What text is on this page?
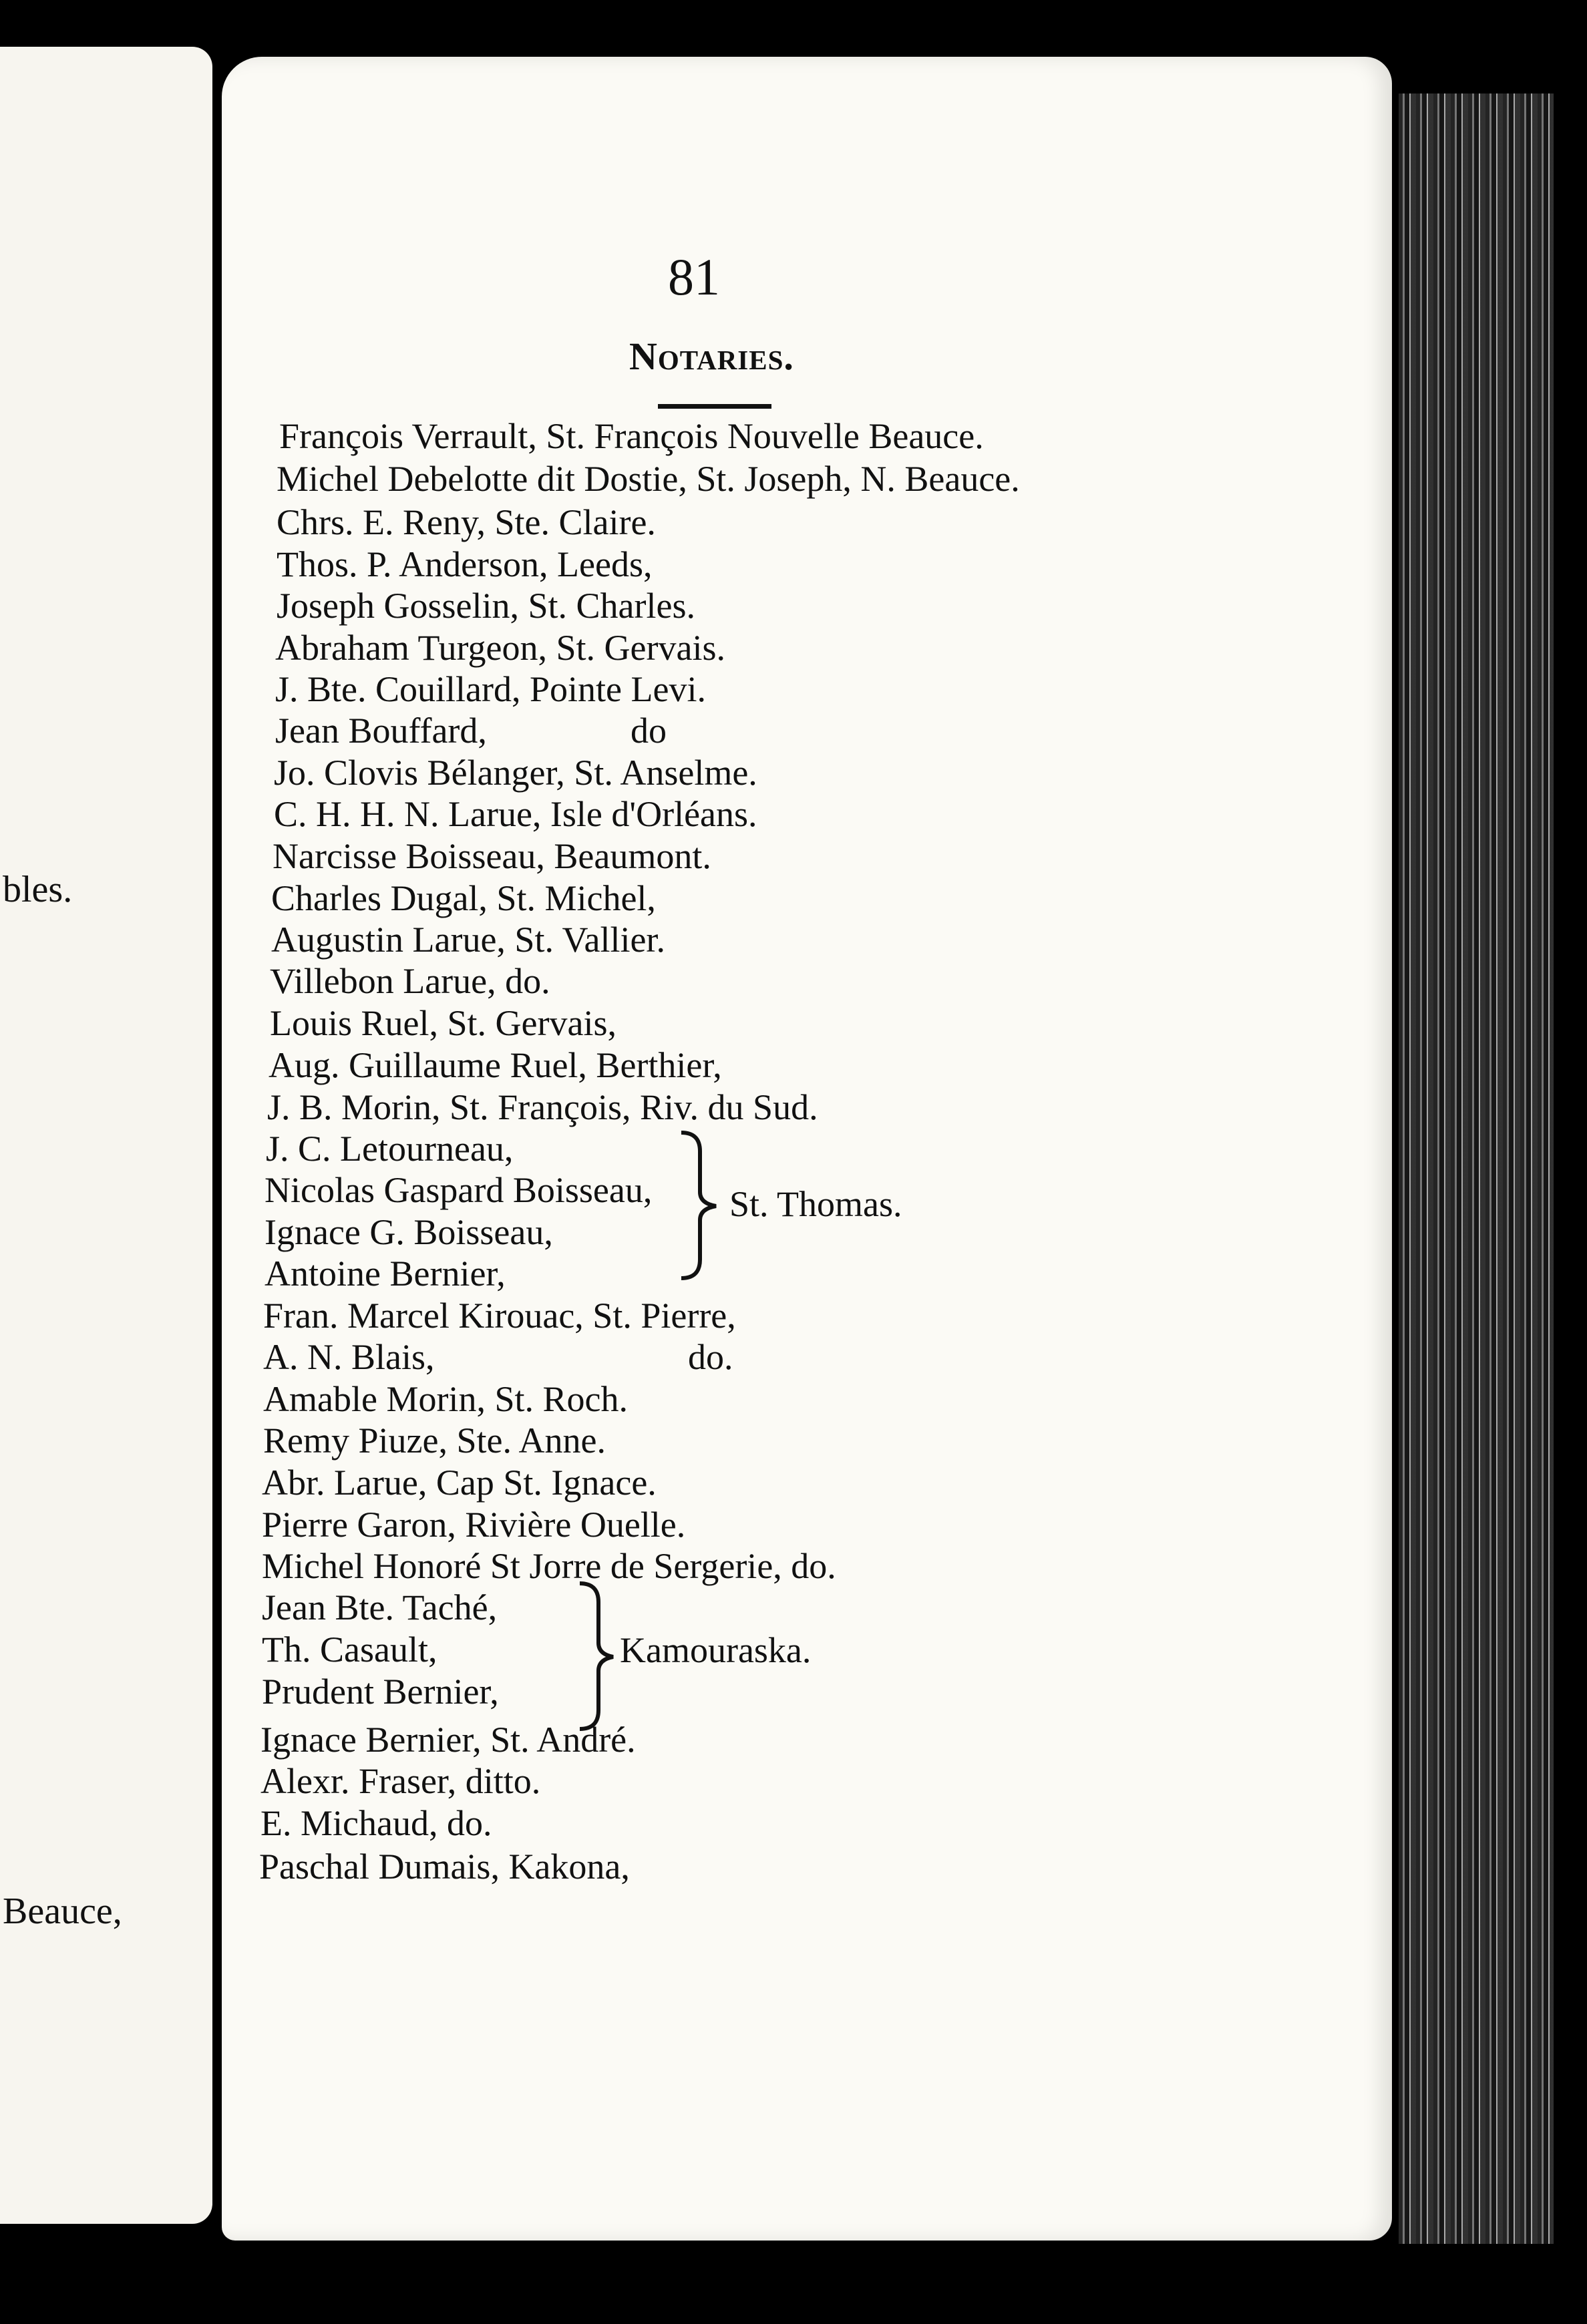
bles.
Beauce,
81
Notaries.
François Verrault, St. François Nouvelle Beauce.
Michel Debelotte dit Dostie, St. Joseph, N. Beauce.
Chrs. E. Reny, Ste. Claire.
Thos. P. Anderson, Leeds,
Joseph Gosselin, St. Charles.
Abraham Turgeon, St. Gervais.
J. Bte. Couillard, Pointe Levi.
Jean Bouffard,	do
Jo. Clovis Bélanger, St. Anselme.
C. H. H. N. Larue, Isle d'Orléans.
Narcisse Boisseau, Beaumont.
Charles Dugal, St. Michel,
Augustin Larue, St. Vallier.
Villebon Larue, do.
Louis Ruel, St. Gervais,
Aug. Guillaume Ruel, Berthier,
J. B. Morin, St. François, Riv. du Sud.
J. C. Letourneau,
Nicolas Gaspard Boisseau,
Ignace G. Boisseau,
Antoine Bernier,
St. Thomas.
Fran. Marcel Kirouac, St. Pierre,
A. N. Blais,	do.
Amable Morin, St. Roch.
Remy Piuze, Ste. Anne.
Abr. Larue, Cap St. Ignace.
Pierre Garon, Rivière Ouelle.
Michel Honoré St Jorre de Sergerie, do.
Jean Bte. Taché,
Th. Casault,
Prudent Bernier,
Kamouraska.
Ignace Bernier, St. André.
Alexr. Fraser, ditto.
E. Michaud, do.
Paschal Dumais, Kakona,
